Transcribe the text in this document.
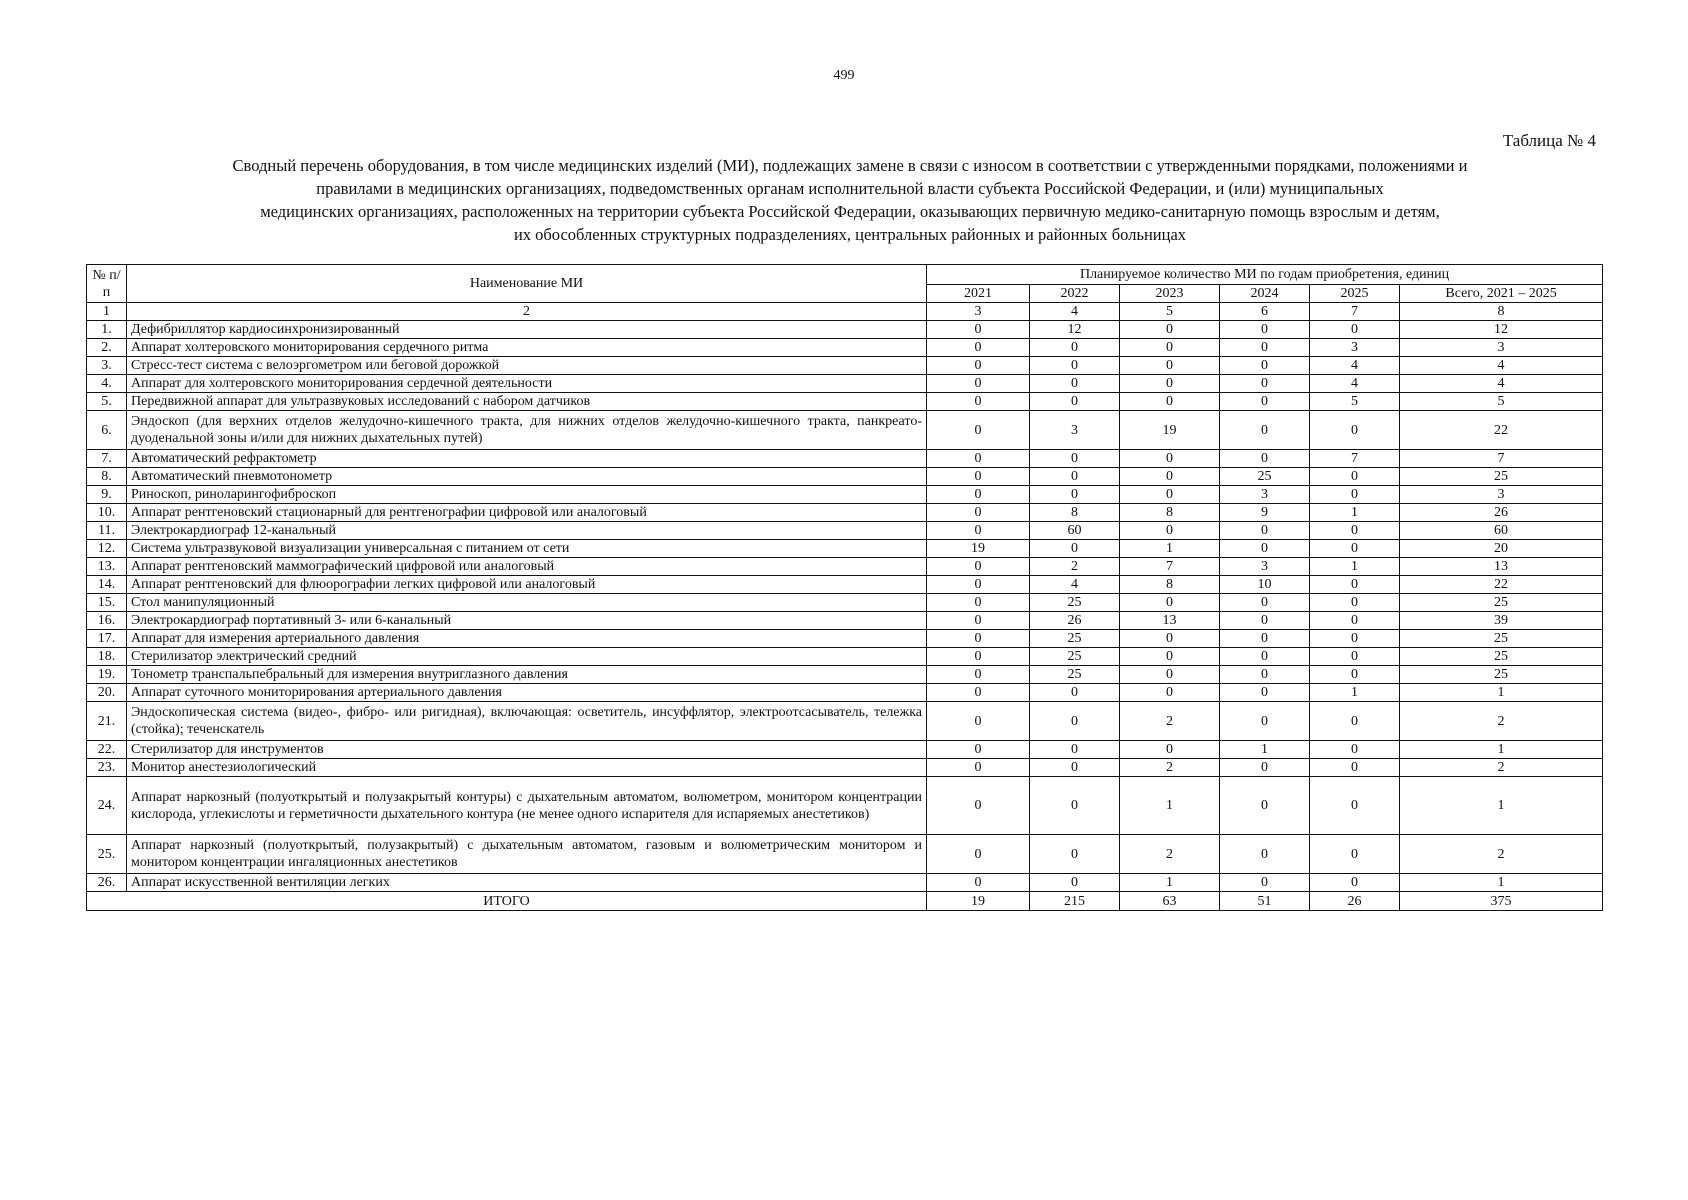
499
Таблица № 4
Сводный перечень оборудования, в том числе медицинских изделий (МИ), подлежащих замене в связи с износом в соответствии с утвержденными порядками, положениями и
правилами в медицинских организациях, подведомственных органам исполнительной власти субъекта Российской Федерации, и (или) муниципальных
медицинских организациях, расположенных на территории субъекта Российской Федерации, оказывающих первичную медико-санитарную помощь взрослым и детям,
их обособленных структурных подразделениях, центральных районных и районных больницах
№ п/п	Наименование МИ	Планируемое количество МИ по годам приобретения, единиц					
		2021	2022	2023	2024	2025	Всего, 2021 – 2025
1	2	3	4	5	6	7	8
1.	Дефибриллятор кардиосинхронизированный	0	12	0	0	0	12
2.	Аппарат холтеровского мониторирования сердечного ритма	0	0	0	0	3	3
3.	Стресс-тест система с велоэргометром или беговой дорожкой	0	0	0	0	4	4
4.	Аппарат для холтеровского мониторирования сердечной деятельности	0	0	0	0	4	4
5.	Передвижной аппарат для ультразвуковых исследований с набором датчиков	0	0	0	0	5	5
6.	Эндоскоп (для верхних отделов желудочно-кишечного тракта, для нижних отделов желудочно-кишечного тракта, панкреато-дуоденальной зоны и/или для нижних дыхательных путей)	0	3	19	0	0	22
7.	Автоматический рефрактометр	0	0	0	0	7	7
8.	Автоматический пневмотонометр	0	0	0	25	0	25
9.	Риноскоп, риноларингофиброскоп	0	0	0	3	0	3
10.	Аппарат рентгеновский стационарный для рентгенографии цифровой или аналоговый	0	8	8	9	1	26
11.	Электрокардиограф 12-канальный	0	60	0	0	0	60
12.	Система ультразвуковой визуализации универсальная с питанием от сети	19	0	1	0	0	20
13.	Аппарат рентгеновский маммографический цифровой или аналоговый	0	2	7	3	1	13
14.	Аппарат рентгеновский для флюорографии легких цифровой или аналоговый	0	4	8	10	0	22
15.	Стол манипуляционный	0	25	0	0	0	25
16.	Электрокардиограф портативный 3- или 6-канальный	0	26	13	0	0	39
17.	Аппарат для измерения артериального давления	0	25	0	0	0	25
18.	Стерилизатор электрический средний	0	25	0	0	0	25
19.	Тонометр транспальпебральный для измерения внутриглазного давления	0	25	0	0	0	25
20.	Аппарат суточного мониторирования артериального давления	0	0	0	0	1	1
21.	Эндоскопическая система (видео-, фибро- или ригидная), включающая: осветитель, инсуффлятор, электроотсасыватель, тележка (стойка); теченскатель	0	0	2	0	0	2
22.	Стерилизатор для инструментов	0	0	0	1	0	1
23.	Монитор анестезиологический	0	0	2	0	0	2
24.	Аппарат наркозный (полуоткрытый и полузакрытый контуры) с дыхательным автоматом, волюметром, монитором концентрации кислорода, углекислоты и герметичности дыхательного контура (не менее одного испарителя для испаряемых анестетиков)	0	0	1	0	0	1
25.	Аппарат наркозный (полуоткрытый, полузакрытый) с дыхательным автоматом, газовым и волюметрическим монитором и монитором концентрации ингаляционных анестетиков	0	0	2	0	0	2
26.	Аппарат искусственной вентиляции легких	0	0	1	0	0	1
ИТОГО		19	215	63	51	26	375
